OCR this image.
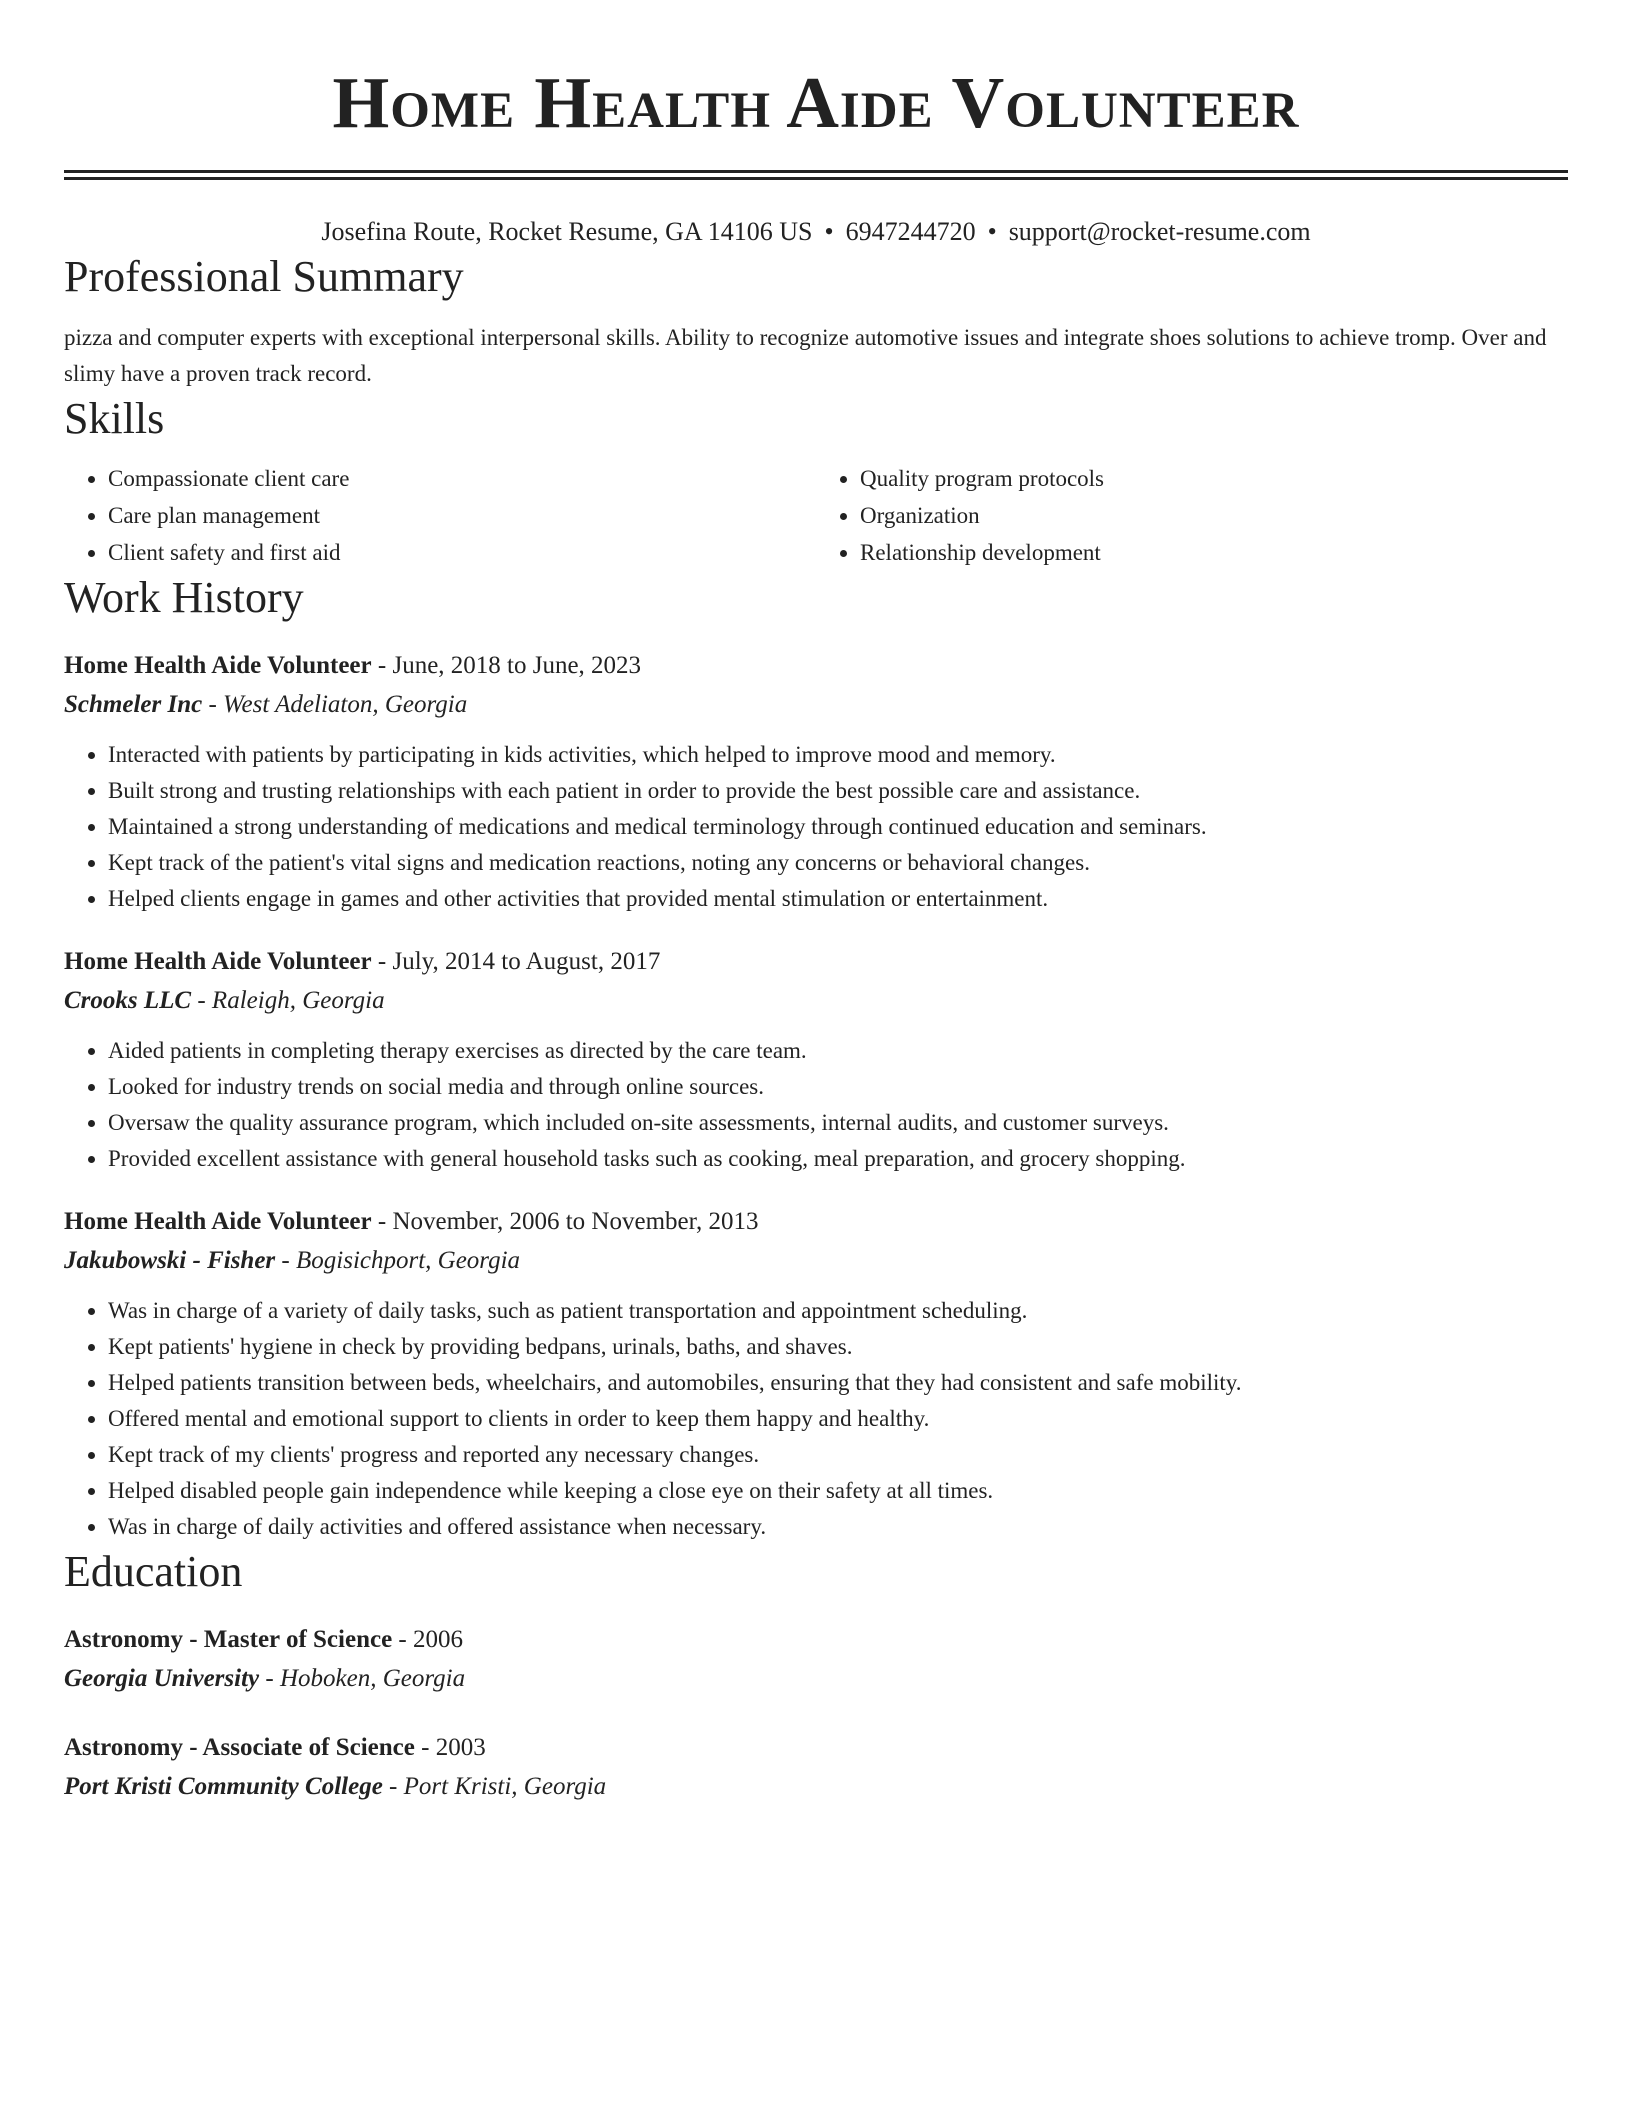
Home Health Aide Volunteer
Josefina Route, Rocket Resume, GA 14106 US • 6947244720 • support@rocket-resume.com
Professional Summary
pizza and computer experts with exceptional interpersonal skills. Ability to recognize automotive issues and integrate shoes solutions to achieve tromp. Over and slimy have a proven track record.
Skills
• Compassionate client care
• Care plan management
• Client safety and first aid
• Quality program protocols
• Organization
• Relationship development
Work History
Home Health Aide Volunteer - June, 2018 to June, 2023
Schmeler Inc - West Adeliaton, Georgia
• Interacted with patients by participating in kids activities, which helped to improve mood and memory.
• Built strong and trusting relationships with each patient in order to provide the best possible care and assistance.
• Maintained a strong understanding of medications and medical terminology through continued education and seminars.
• Kept track of the patient's vital signs and medication reactions, noting any concerns or behavioral changes.
• Helped clients engage in games and other activities that provided mental stimulation or entertainment.
Home Health Aide Volunteer - July, 2014 to August, 2017
Crooks LLC - Raleigh, Georgia
• Aided patients in completing therapy exercises as directed by the care team.
• Looked for industry trends on social media and through online sources.
• Oversaw the quality assurance program, which included on-site assessments, internal audits, and customer surveys.
• Provided excellent assistance with general household tasks such as cooking, meal preparation, and grocery shopping.
Home Health Aide Volunteer - November, 2006 to November, 2013
Jakubowski - Fisher - Bogisichport, Georgia
• Was in charge of a variety of daily tasks, such as patient transportation and appointment scheduling.
• Kept patients' hygiene in check by providing bedpans, urinals, baths, and shaves.
• Helped patients transition between beds, wheelchairs, and automobiles, ensuring that they had consistent and safe mobility.
• Offered mental and emotional support to clients in order to keep them happy and healthy.
• Kept track of my clients' progress and reported any necessary changes.
• Helped disabled people gain independence while keeping a close eye on their safety at all times.
• Was in charge of daily activities and offered assistance when necessary.
Education
Astronomy - Master of Science - 2006
Georgia University - Hoboken, Georgia
Astronomy - Associate of Science - 2003
Port Kristi Community College - Port Kristi, Georgia
